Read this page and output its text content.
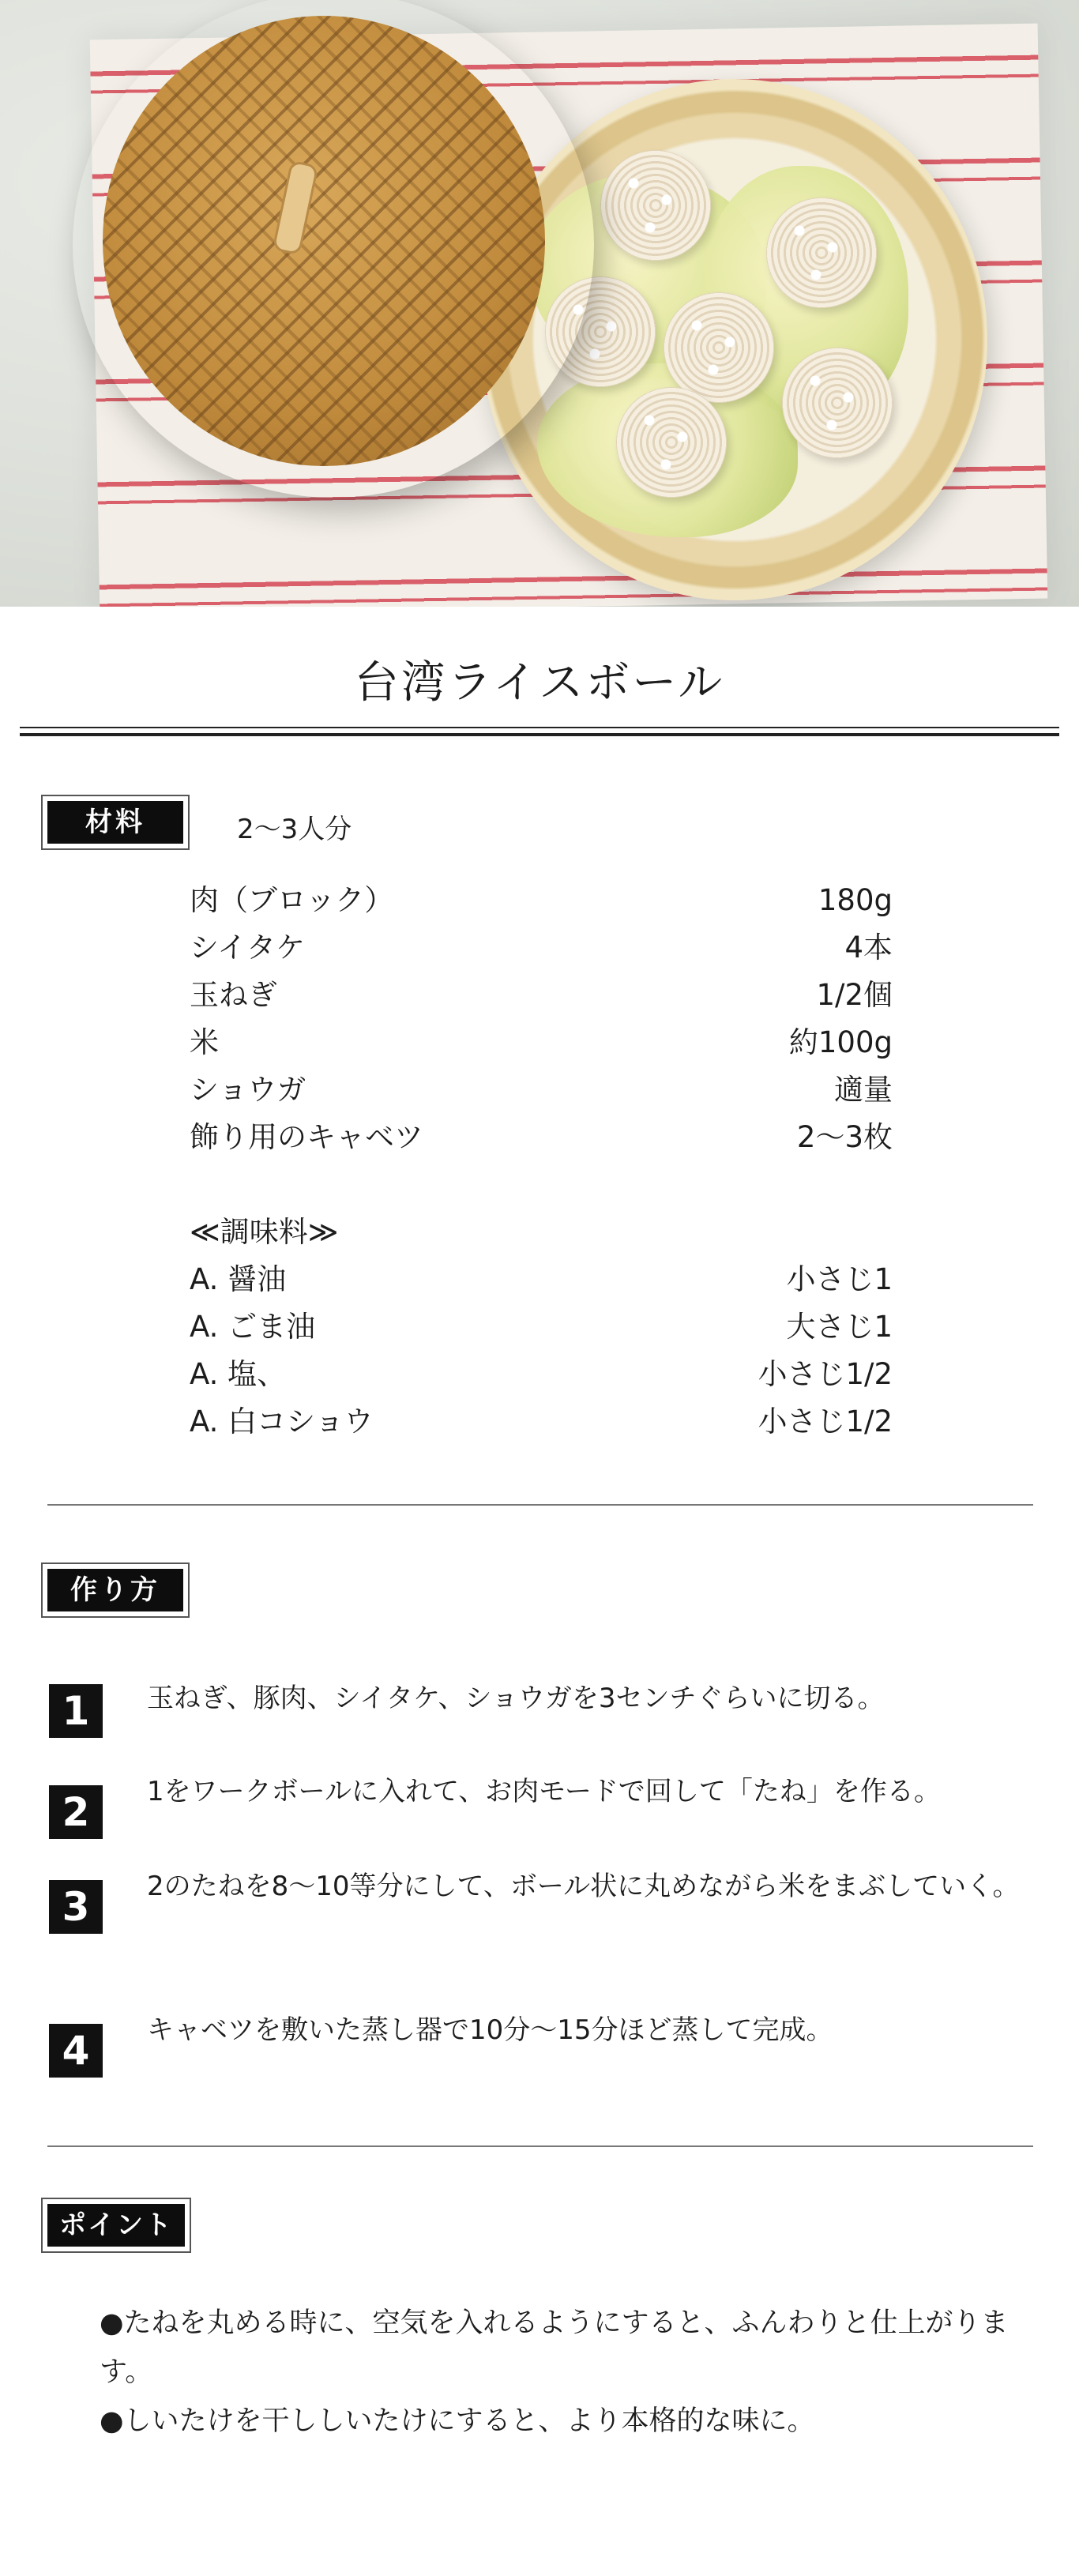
台湾ライスボール
材料	2～3人分
肉（ブロック）	180g
シイタケ	4本
玉ねぎ	1/2個
米	約100g
ショウガ	適量
飾り用のキャベツ	2～3枚
≪調味料≫
A. 醤油	小さじ1
A. ごま油	大さじ1
A. 塩、	小さじ1/2
A. 白コショウ	小さじ1/2
作り方
1	玉ねぎ、豚肉、シイタケ、ショウガを3センチぐらいに切る。
2	1をワークボールに入れて、お肉モードで回して「たね」を作る。
3	2のたねを8～10等分にして、ボール状に丸めながら米をまぶしていく。
4	キャベツを敷いた蒸し器で10分～15分ほど蒸して完成。
ポイント
●たねを丸める時に、空気を入れるようにすると、ふんわりと仕上がります。
●しいたけを干ししいたけにすると、より本格的な味に。
